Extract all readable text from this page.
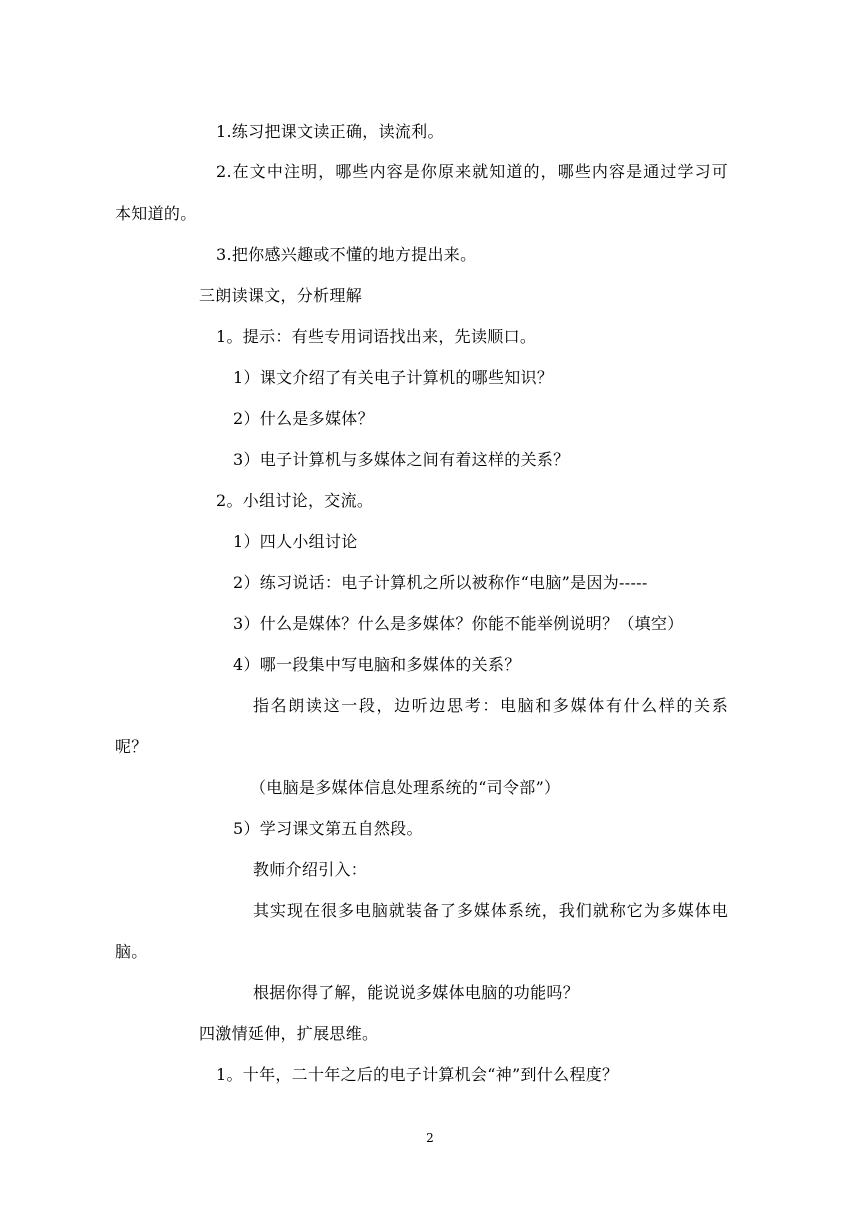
1.练习把课文读正确，读流利。
2.在文中注明，哪些内容是你原来就知道的，哪些内容是通过学习可
本知道的。
3.把你感兴趣或不懂的地方提出来。
三朗读课文，分析理解
1。提示：有些专用词语找出来，先读顺口。
1）课文介绍了有关电子计算机的哪些知识？
2）什么是多媒体？
3）电子计算机与多媒体之间有着这样的关系？
2。小组讨论，交流。
1）四人小组讨论
2）练习说话：电子计算机之所以被称作“电脑”是因为-----
3）什么是媒体？什么是多媒体？你能不能举例说明？（填空）
4）哪一段集中写电脑和多媒体的关系？
指名朗读这一段，边听边思考：电脑和多媒体有什么样的关系
呢？
（电脑是多媒体信息处理系统的“司令部”）
5）学习课文第五自然段。
教师介绍引入：
其实现在很多电脑就装备了多媒体系统，我们就称它为多媒体电
脑。
根据你得了解，能说说多媒体电脑的功能吗？
四激情延伸，扩展思维。
1。十年，二十年之后的电子计算机会“神”到什么程度？
2
